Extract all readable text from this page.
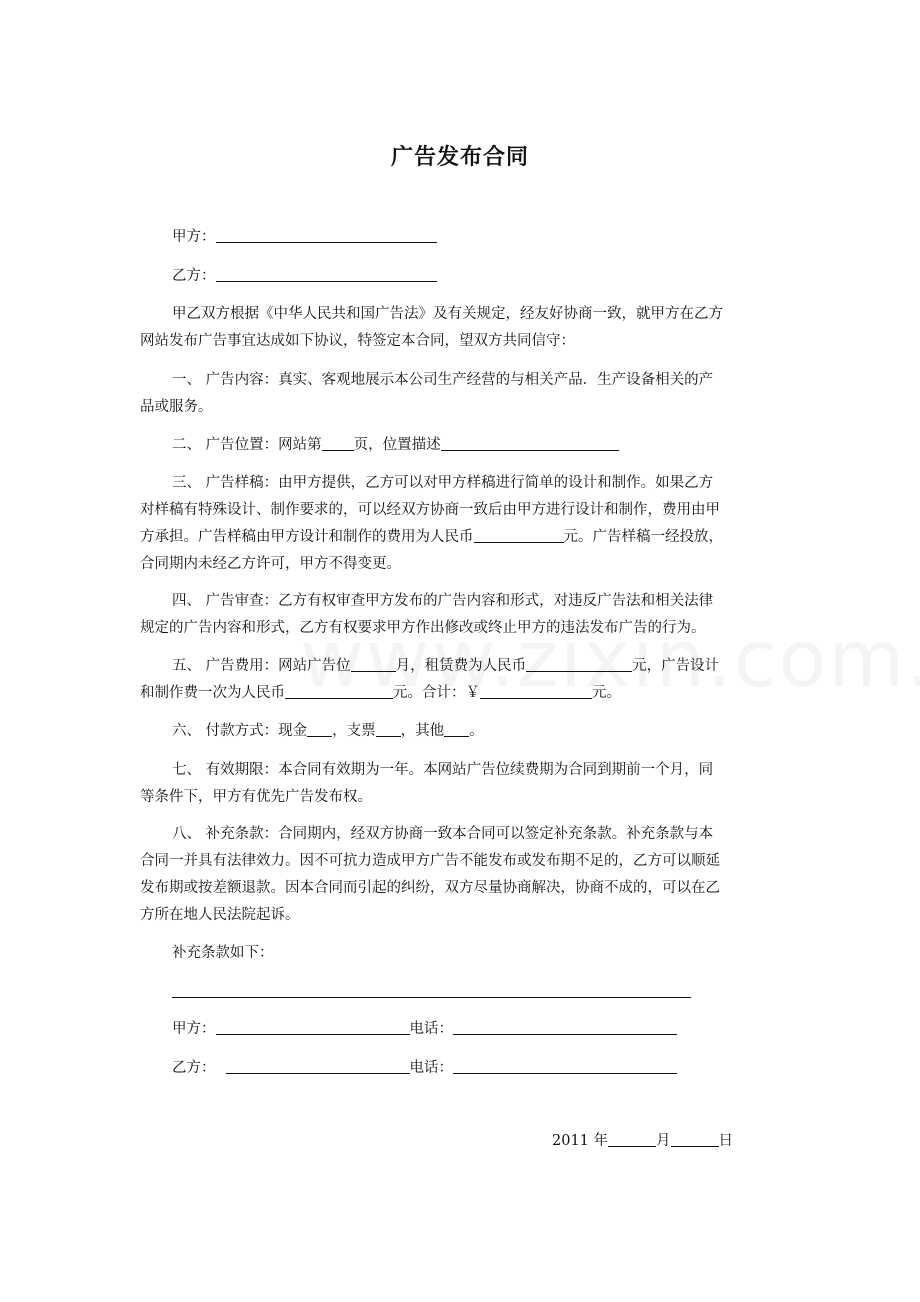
广告发布合同
甲方：
乙方：
甲乙双方根据《中华人民共和国广告法》及有关规定，经友好协商一致，就甲方在乙方
网站发布广告事宜达成如下协议，特签定本合同，望双方共同信守：
一、 广告内容：真实、客观地展示本公司生产经营的与相关产品．生产设备相关的产
品或服务。
二、 广告位置：网站第 页，位置描述
三、 广告样稿：由甲方提供，乙方可以对甲方样稿进行简单的设计和制作。如果乙方
对样稿有特殊设计、制作要求的，可以经双方协商一致后由甲方进行设计和制作，费用由甲
方承担。广告样稿由甲方设计和制作的费用为人民币	元。广告样稿一经投放，
合同期内未经乙方许可，甲方不得变更。
四、 广告审查：乙方有权审查甲方发布的广告内容和形式，对违反广告法和相关法律
规定的广告内容和形式，乙方有权要求甲方作出修改或终止甲方的违法发布广告的行为。
五、 广告费用：网站广告位	月，租赁费为人民币	元，广告设计
和制作费一次为人民币	元。合计：￥	元。
六、 付款方式：现金 ，支票 ，其他 。
七、 有效期限：本合同有效期为一年。本网站广告位续费期为合同到期前一个月，同
等条件下，甲方有优先广告发布权。
八、 补充条款：合同期内，经双方协商一致本合同可以签定补充条款。补充条款与本
合同一并具有法律效力。因不可抗力造成甲方广告不能发布或发布期不足的，乙方可以顺延
发布期或按差额退款。因本合同而引起的纠纷，双方尽量协商解决，协商不成的，可以在乙
方所在地人民法院起诉。
补充条款如下：
甲方：	电话：
乙方：	电话：
2011 年	月	日
